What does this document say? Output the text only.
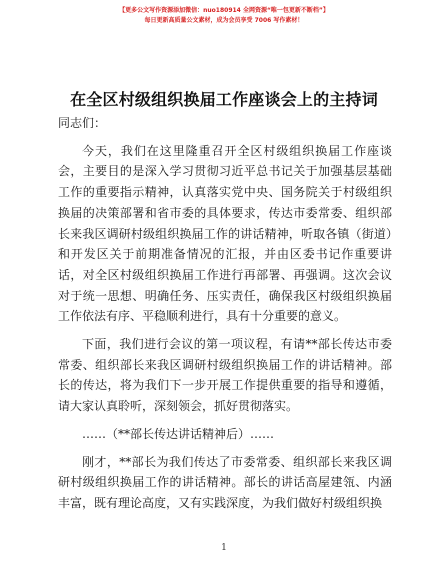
【更多公文写作资源添加微信：nuo180914 全网资源“唯一包更新不断档”】
每日更新高质量公文素材，成为会员享受 7006 写作素材！
在全区村级组织换届工作座谈会上的主持词

同志们：

今天，我们在这里隆重召开全区村级组织换届工作座谈会，主要目的是深入学习贯彻习近平总书记关于加强基层基础工作的重要指示精神，认真落实党中央、国务院关于村级组织换届的决策部署和省市委的具体要求，传达市委常委、组织部长来我区调研村级组织换届工作的讲话精神，听取各镇（街道）和开发区关于前期准备情况的汇报，并由区委书记作重要讲话，对全区村级组织换届工作进行再部署、再强调。这次会议对于统一思想、明确任务、压实责任，确保我区村级组织换届工作依法有序、平稳顺利进行，具有十分重要的意义。

下面，我们进行会议的第一项议程，有请**部长传达市委常委、组织部长来我区调研村级组织换届工作的讲话精神。部长的传达，将为我们下一步开展工作提供重要的指导和遵循，请大家认真聆听，深刻领会，抓好贯彻落实。

……（**部长传达讲话精神后）……

刚才，**部长为我们传达了市委常委、组织部长来我区调研村级组织换届工作的讲话精神。部长的讲话高屋建瓴、内涵丰富，既有理论高度，又有实践深度，为我们做好村级组织换

1
